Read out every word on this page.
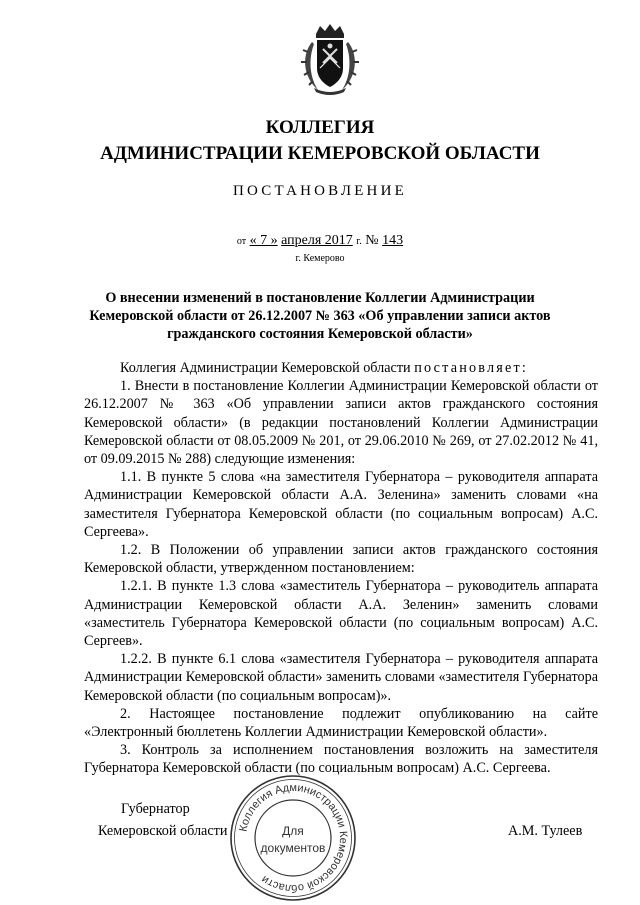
КОЛЛЕГИЯ
АДМИНИСТРАЦИИ КЕМЕРОВСКОЙ ОБЛАСТИ
ПОСТАНОВЛЕНИЕ
от « 7 » апреля 2017 г. № 143
г. Кемерово
О внесении изменений в постановление Коллегии Администрации Кемеровской области от 26.12.2007 № 363 «Об управлении записи актов гражданского состояния Кемеровской области»

Коллегия Администрации Кемеровской области постановляет:

1. Внести в постановление Коллегии Администрации Кемеровской области от 26.12.2007 № 363 «Об управлении записи актов гражданского состояния Кемеровской области» (в редакции постановлений Коллегии Администрации Кемеровской области от 08.05.2009 № 201, от 29.06.2010 № 269, от 27.02.2012 № 41, от 09.09.2015 № 288) следующие изменения:

1.1. В пункте 5 слова «на заместителя Губернатора – руководителя аппарата Администрации Кемеровской области А.А. Зеленина» заменить словами «на заместителя Губернатора Кемеровской области (по социальным вопросам) А.С. Сергеева».

1.2. В Положении об управлении записи актов гражданского состояния Кемеровской области, утвержденном постановлением:

1.2.1. В пункте 1.3 слова «заместитель Губернатора – руководитель аппарата Администрации Кемеровской области А.А. Зеленин» заменить словами «заместитель Губернатора Кемеровской области (по социальным вопросам) А.С. Сергеев».

1.2.2. В пункте 6.1 слова «заместителя Губернатора – руководителя аппарата Администрации Кемеровской области» заменить словами «заместителя Губернатора Кемеровской области (по социальным вопросам)».

2. Настоящее постановление подлежит опубликованию на сайте «Электронный бюллетень Коллегии Администрации Кемеровской области».

3. Контроль за исполнением постановления возложить на заместителя Губернатора Кемеровской области (по социальным вопросам) А.С. Сергеева.

Губернатор
Кемеровской области	А.М. Тулеев
Коллегия Администрации Кемеровской области
Для
документов
